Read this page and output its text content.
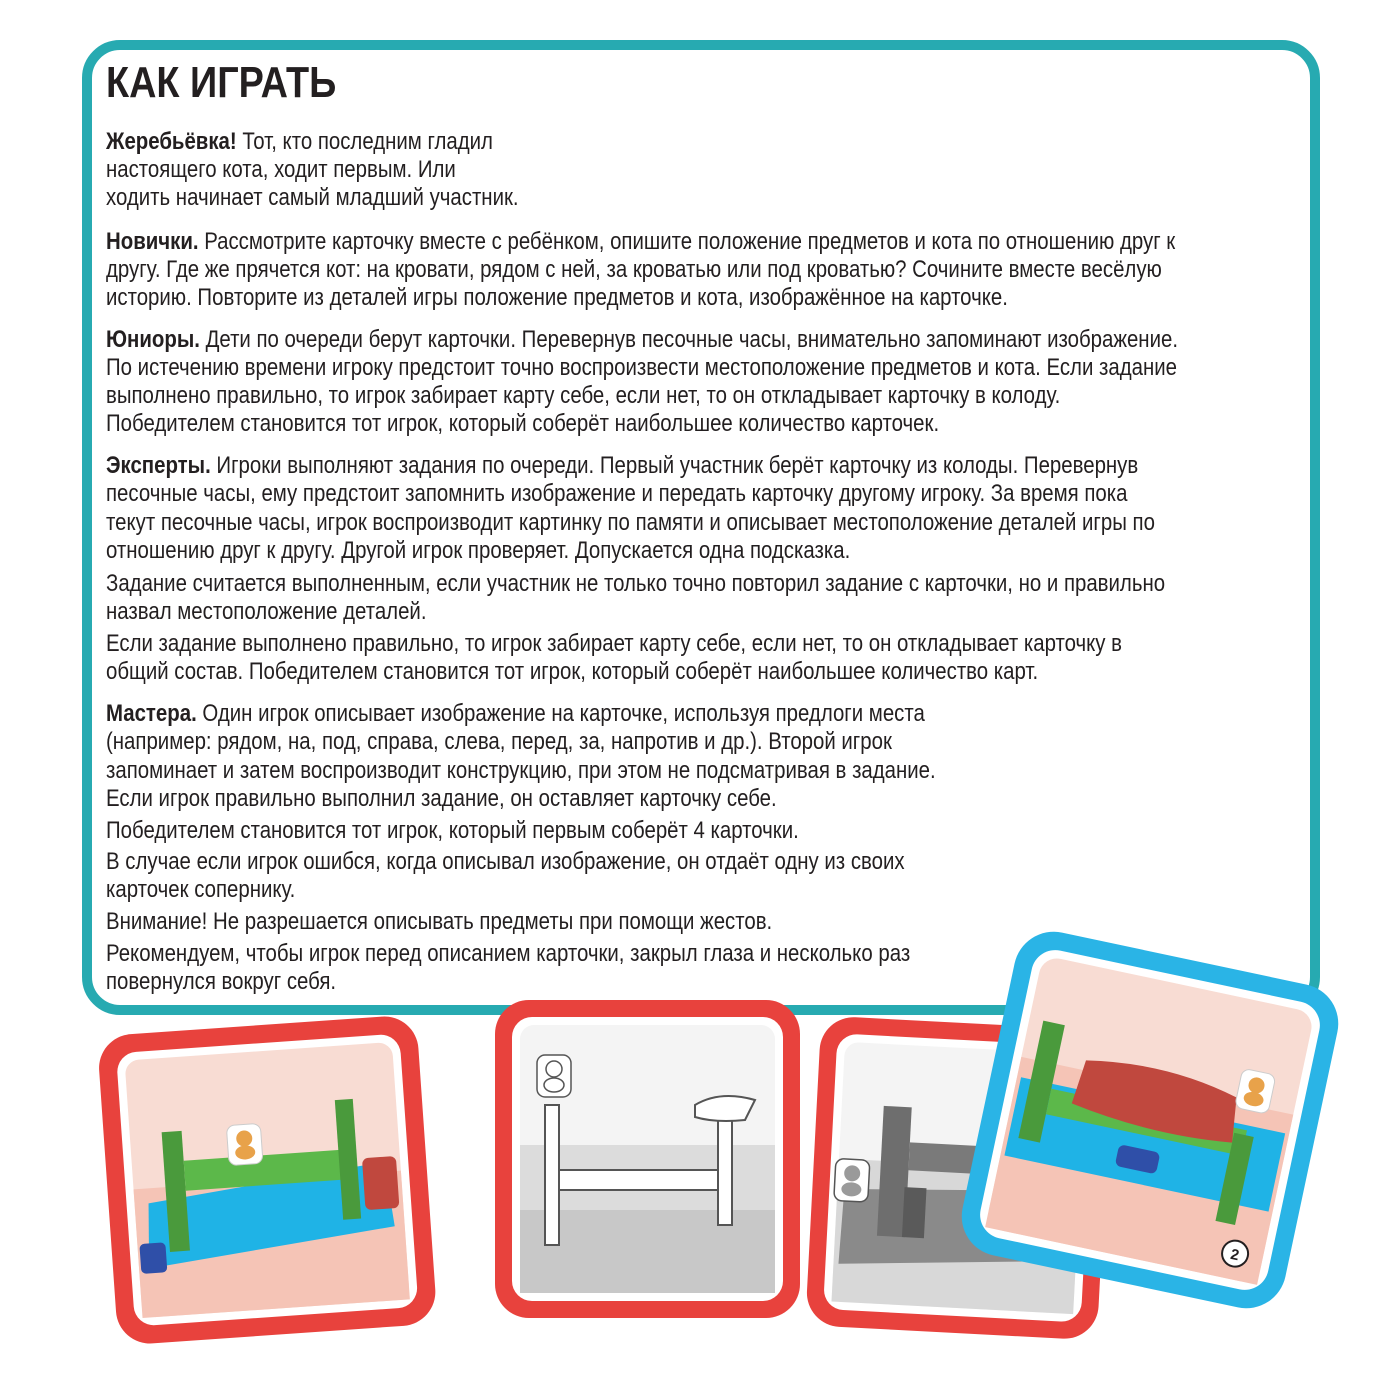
КАК ИГРАТЬ

Жеребьёвка! Тот, кто последним гладил

настоящего кота, ходит первым. Или

ходить начинает самый младший участник.

Новички. Рассмотрите карточку вместе с ребёнком, опишите положение предметов и кота по отношению друг к

другу. Где же прячется кот: на кровати, рядом с ней, за кроватью или под кроватью? Сочините вместе весёлую

историю. Повторите из деталей игры положение предметов и кота, изображённое на карточке.

Юниоры. Дети по очереди берут карточки. Перевернув песочные часы, внимательно запоминают изображение.

По истечению времени игроку предстоит точно воспроизвести местоположение предметов и кота. Если задание

выполнено правильно, то игрок забирает карту себе, если нет, то он откладывает карточку в колоду.

Победителем становится тот игрок, который соберёт наибольшее количество карточек.

Эксперты. Игроки выполняют задания по очереди. Первый участник берёт карточку из колоды. Перевернув

песочные часы, ему предстоит запомнить изображение и передать карточку другому игроку. За время пока

текут песочные часы, игрок воспроизводит картинку по памяти и описывает местоположение деталей игры по

отношению друг к другу. Другой игрок проверяет. Допускается одна подсказка.

Задание считается выполненным, если участник не только точно повторил задание с карточки, но и правильно

назвал местоположение деталей.

Если задание выполнено правильно, то игрок забирает карту себе, если нет, то он откладывает карточку в

общий состав. Победителем становится тот игрок, который соберёт наибольшее количество карт.

Мастера. Один игрок описывает изображение на карточке, используя предлоги места

(например: рядом, на, под, справа, слева, перед, за, напротив и др.). Второй игрок

запоминает и затем воспроизводит конструкцию, при этом не подсматривая в задание.

Если игрок правильно выполнил задание, он оставляет карточку себе.

Победителем становится тот игрок, который первым соберёт 4 карточки.

В случае если игрок ошибся, когда описывал изображение, он отдаёт одну из своих

карточек сопернику.

Внимание! Не разрешается описывать предметы при помощи жестов.

Рекомендуем, чтобы игрок перед описанием карточки, закрыл глаза и несколько раз

повернулся вокруг себя.

2
